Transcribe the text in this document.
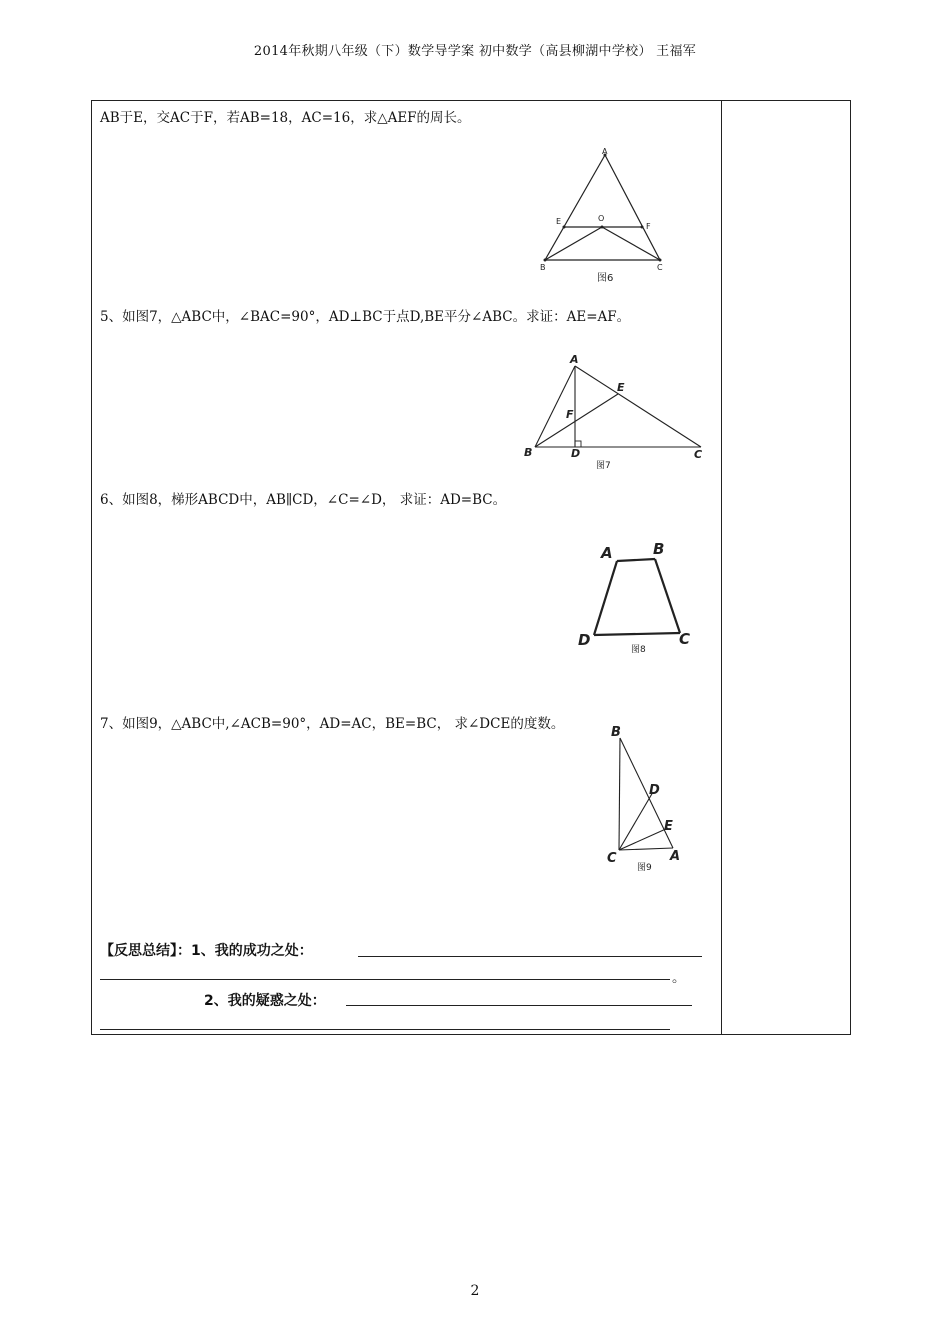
2014年秋期八年级（下）数学导学案 初中数学（高县柳湖中学校） 王福军
AB于E，交AC于F，若AB=18，AC=16，求△AEF的周长。
A
E	O
F
B	C
图6
5、如图7，△ABC中，∠BAC=90°，AD⊥BC于点D,BE平分∠ABC。求证：AE=AF。
A
E
F
B	D	C
图7
6、如图8，梯形ABCD中，AB∥CD，∠C=∠D， 求证：AD=BC。
A	B
D	C
图8
7、如图9，△ABC中,∠ACB=90°，AD=AC，BE=BC， 求∠DCE的度数。
B
D
E
C	A
图9
【反思总结】：1、我的成功之处：
。
2、我的疑惑之处：
2
